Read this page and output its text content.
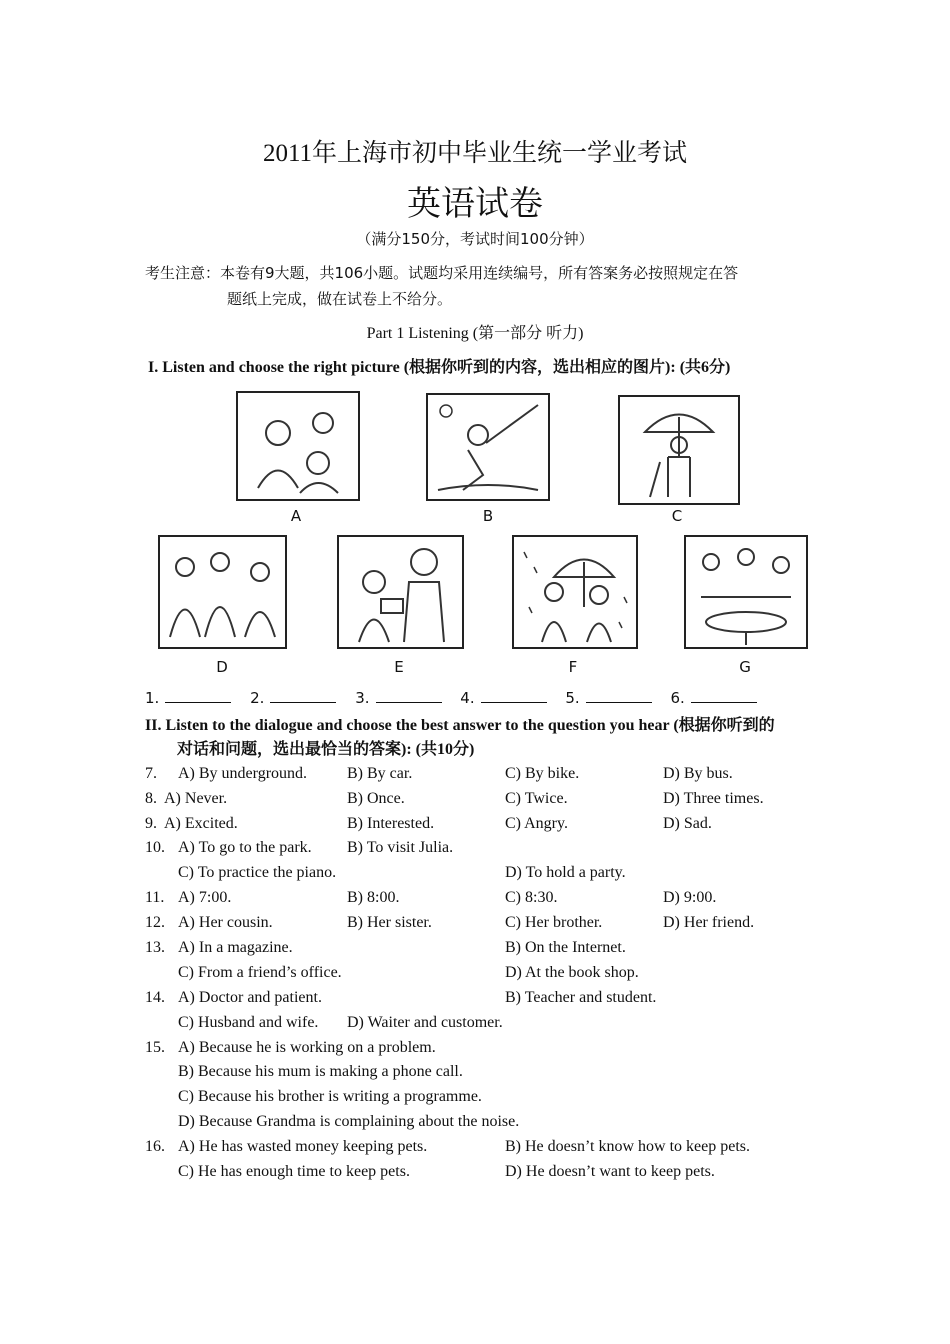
2011年上海市初中毕业生统一学业考试
英语试卷
（满分150分，考试时间100分钟）
考生注意：本卷有9大题，共106小题。试题均采用连续编号，所有答案务必按照规定在答
题纸上完成，做在试卷上不给分。
Part 1 Listening (第一部分 听力)
I. Listen and choose the right picture (根据你听到的内容，选出相应的图片): (共6分)
A	B	C
D	E	F	G
1.	2.	3.	4.	5.	6.
II. Listen to the dialogue and choose the best answer to the question you hear (根据你听到的
对话和问题，选出最恰当的答案): (共10分)
7. A) By underground. B) By car.	C) By bike.	D) By bus.
8. A) Never.	B) Once.	C) Twice.	D) Three times.
9. A) Excited.	B) Interested.	C) Angry.	D) Sad.
10. A) To go to the park. B) To visit Julia.
C) To practice the piano.	D) To hold a party.
11. A) 7:00.	B) 8:00.	C) 8:30.	D) 9:00.
12. A) Her cousin.	B) Her sister.	C) Her brother.	D) Her friend.
13. A) In a magazine.	B) On the Internet.
C) From a friend’s office.	D) At the book shop.
14. A) Doctor and patient.	B) Teacher and student.
C) Husband and wife. D) Waiter and customer.
15. A) Because he is working on a problem.
B) Because his mum is making a phone call.
C) Because his brother is writing a programme.
D) Because Grandma is complaining about the noise.
16. A) He has wasted money keeping pets.	B) He doesn’t know how to keep pets.
C) He has enough time to keep pets.	D) He doesn’t want to keep pets.
